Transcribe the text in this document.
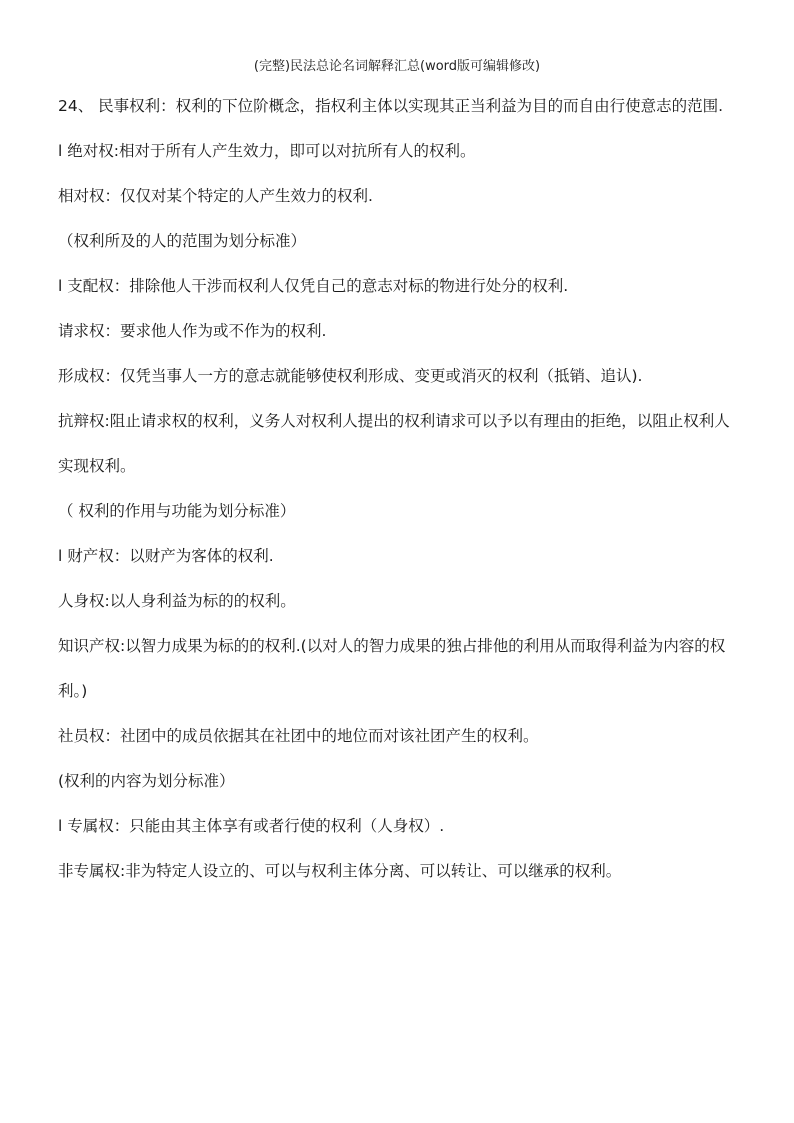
(完整)民法总论名词解释汇总(word版可编辑修改)

24、 民事权利：权利的下位阶概念，指权利主体以实现其正当利益为目的而自由行使意志的范围.

l 绝对权:相对于所有人产生效力，即可以对抗所有人的权利。

相对权：仅仅对某个特定的人产生效力的权利.

（权利所及的人的范围为划分标准）

l 支配权：排除他人干涉而权利人仅凭自己的意志对标的物进行处分的权利.

请求权：要求他人作为或不作为的权利.

形成权：仅凭当事人一方的意志就能够使权利形成、变更或消灭的权利（抵销、追认).

抗辩权:阻止请求权的权利，义务人对权利人提出的权利请求可以予以有理由的拒绝，以阻止权利人实现权利。

（ 权利的作用与功能为划分标准）

l 财产权：以财产为客体的权利.

人身权:以人身利益为标的的权利。

知识产权:以智力成果为标的的权利.(以对人的智力成果的独占排他的利用从而取得利益为内容的权利。)

社员权：社团中的成员依据其在社团中的地位而对该社团产生的权利。

(权利的内容为划分标准）

l 专属权：只能由其主体享有或者行使的权利（人身权）.

非专属权:非为特定人设立的、可以与权利主体分离、可以转让、可以继承的权利。
